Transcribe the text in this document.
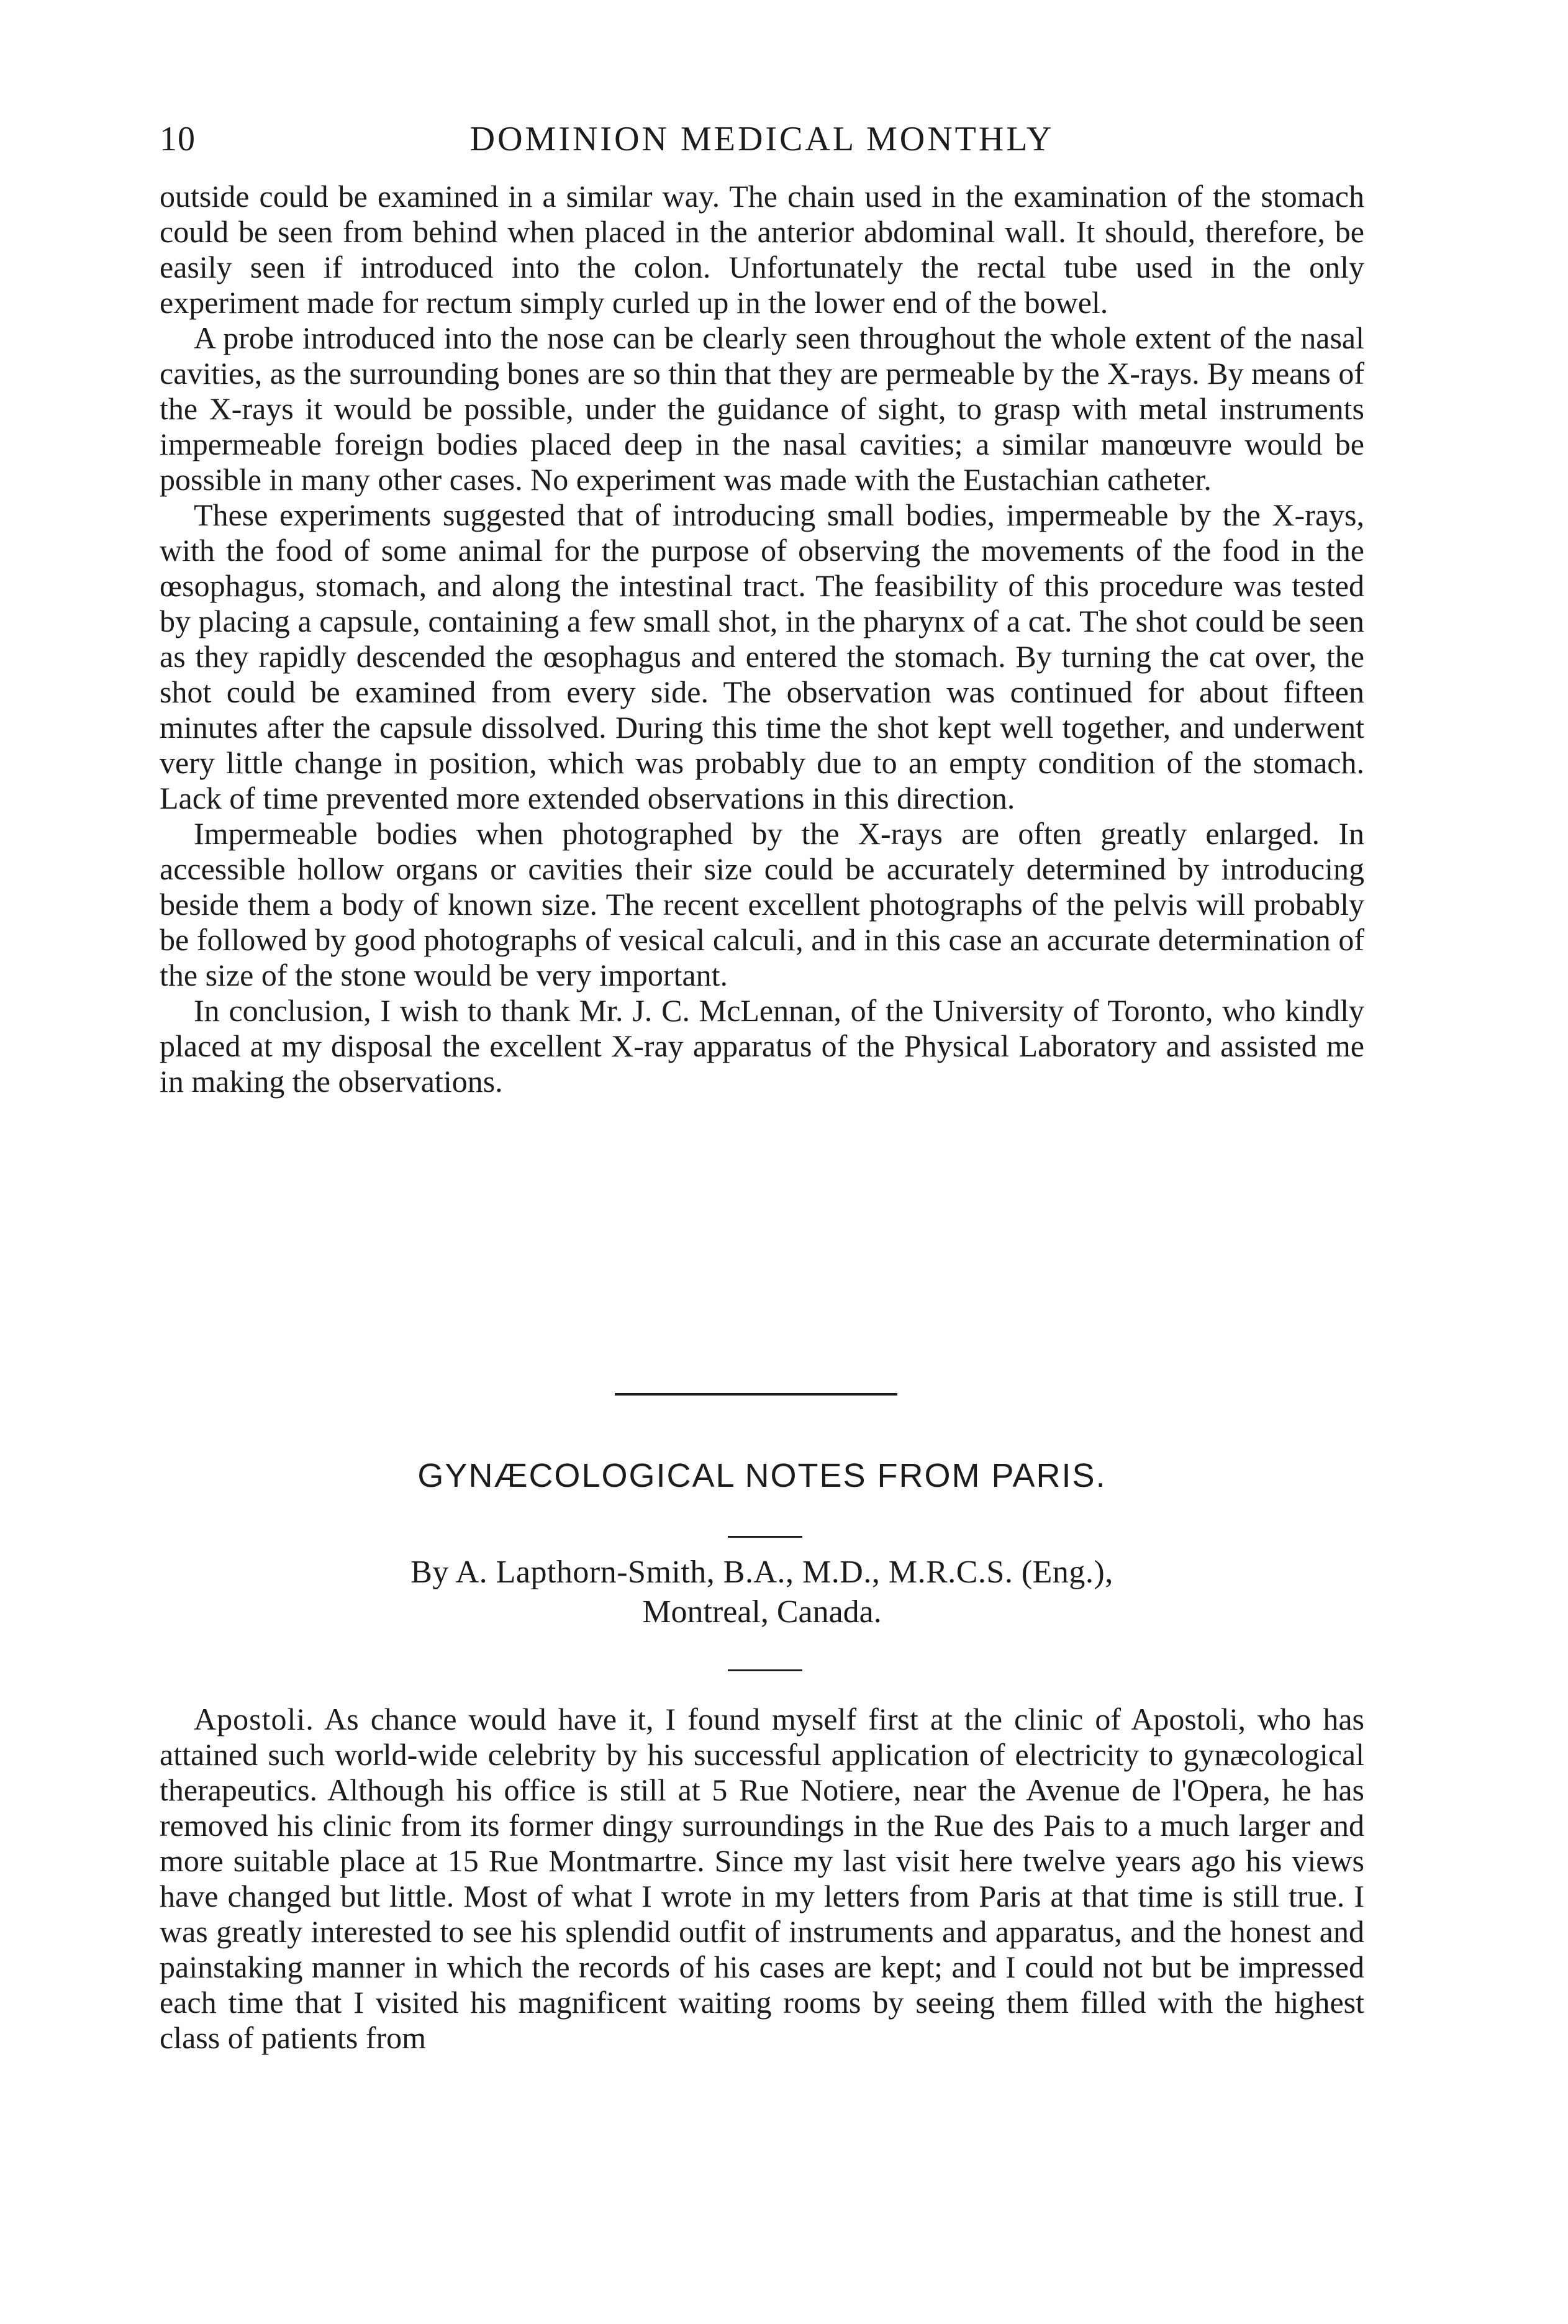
10	DOMINION MEDICAL MONTHLY

outside could be examined in a similar way. The chain used in the examination of the stomach could be seen from behind when placed in the anterior abdominal wall. It should, therefore, be easily seen if introduced into the colon. Unfortunately the rectal tube used in the only experiment made for rectum simply curled up in the lower end of the bowel.

A probe introduced into the nose can be clearly seen throughout the whole extent of the nasal cavities, as the surrounding bones are so thin that they are permeable by the X-rays. By means of the X-rays it would be possible, under the guidance of sight, to grasp with metal instruments impermeable foreign bodies placed deep in the nasal cavities; a similar manœuvre would be possible in many other cases. No experiment was made with the Eustachian catheter.

These experiments suggested that of introducing small bodies, impermeable by the X-rays, with the food of some animal for the purpose of observing the movements of the food in the œsophagus, stomach, and along the intestinal tract. The feasibility of this procedure was tested by placing a capsule, containing a few small shot, in the pharynx of a cat. The shot could be seen as they rapidly descended the œsophagus and entered the stomach. By turning the cat over, the shot could be examined from every side. The observation was continued for about fifteen minutes after the capsule dissolved. During this time the shot kept well together, and underwent very little change in position, which was probably due to an empty condition of the stomach. Lack of time prevented more extended observations in this direction.

Impermeable bodies when photographed by the X-rays are often greatly enlarged. In accessible hollow organs or cavities their size could be accurately determined by introducing beside them a body of known size. The recent excellent photographs of the pelvis will probably be followed by good photographs of vesical calculi, and in this case an accurate determination of the size of the stone would be very important.

In conclusion, I wish to thank Mr. J. C. McLennan, of the University of Toronto, who kindly placed at my disposal the excellent X-ray apparatus of the Physical Laboratory and assisted me in making the observations.

GYNÆCOLOGICAL NOTES FROM PARIS.
By A. Lapthorn-Smith, B.A., M.D., M.R.C.S. (Eng.),
Montreal, Canada.

Apostoli. As chance would have it, I found myself first at the clinic of Apostoli, who has attained such world-wide celebrity by his successful application of electricity to gynæcological therapeutics. Although his office is still at 5 Rue Notiere, near the Avenue de l'Opera, he has removed his clinic from its former dingy surroundings in the Rue des Pais to a much larger and more suitable place at 15 Rue Montmartre. Since my last visit here twelve years ago his views have changed but little. Most of what I wrote in my letters from Paris at that time is still true. I was greatly interested to see his splendid outfit of instruments and apparatus, and the honest and painstaking manner in which the records of his cases are kept; and I could not but be impressed each time that I visited his magnificent waiting rooms by seeing them filled with the highest class of patients from
